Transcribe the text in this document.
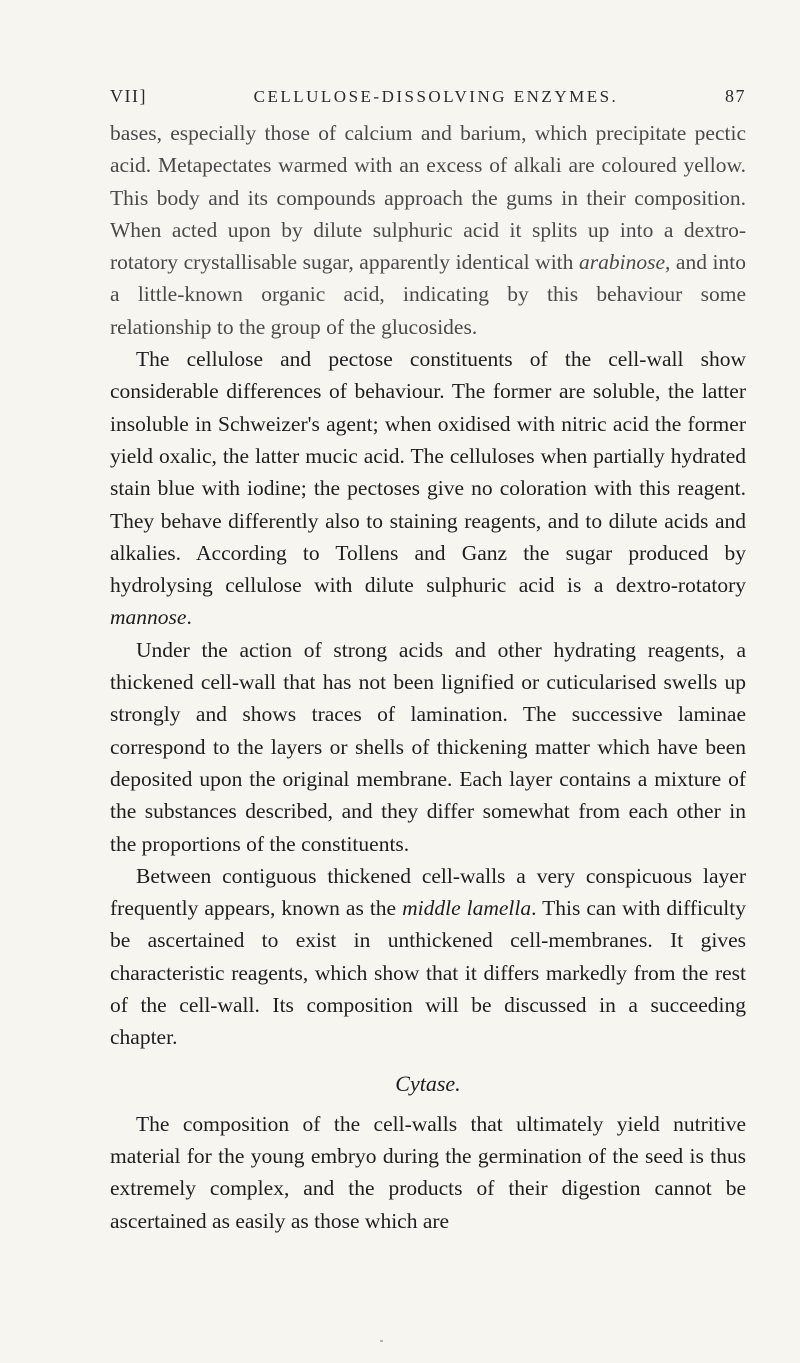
VII]	CELLULOSE-DISSOLVING ENZYMES.	87

bases, especially those of calcium and barium, which precipitate pectic acid. Metapectates warmed with an excess of alkali are coloured yellow. This body and its compounds approach the gums in their composition. When acted upon by dilute sulphuric acid it splits up into a dextro-rotatory crystallisable sugar, apparently identical with arabinose, and into a little-known organic acid, indicating by this behaviour some relationship to the group of the glucosides.

The cellulose and pectose constituents of the cell-wall show considerable differences of behaviour. The former are soluble, the latter insoluble in Schweizer's agent; when oxidised with nitric acid the former yield oxalic, the latter mucic acid. The celluloses when partially hydrated stain blue with iodine; the pectoses give no coloration with this reagent. They behave differently also to staining reagents, and to dilute acids and alkalies. According to Tollens and Ganz the sugar produced by hydrolysing cellulose with dilute sulphuric acid is a dextro-rotatory mannose.

Under the action of strong acids and other hydrating reagents, a thickened cell-wall that has not been lignified or cuticularised swells up strongly and shows traces of lamination. The successive laminae correspond to the layers or shells of thickening matter which have been deposited upon the original membrane. Each layer contains a mixture of the substances described, and they differ somewhat from each other in the proportions of the constituents.

Between contiguous thickened cell-walls a very conspicuous layer frequently appears, known as the middle lamella. This can with difficulty be ascertained to exist in unthickened cell-membranes. It gives characteristic reagents, which show that it differs markedly from the rest of the cell-wall. Its composition will be discussed in a succeeding chapter.

Cytase.

The composition of the cell-walls that ultimately yield nutritive material for the young embryo during the germination of the seed is thus extremely complex, and the products of their digestion cannot be ascertained as easily as those which are
